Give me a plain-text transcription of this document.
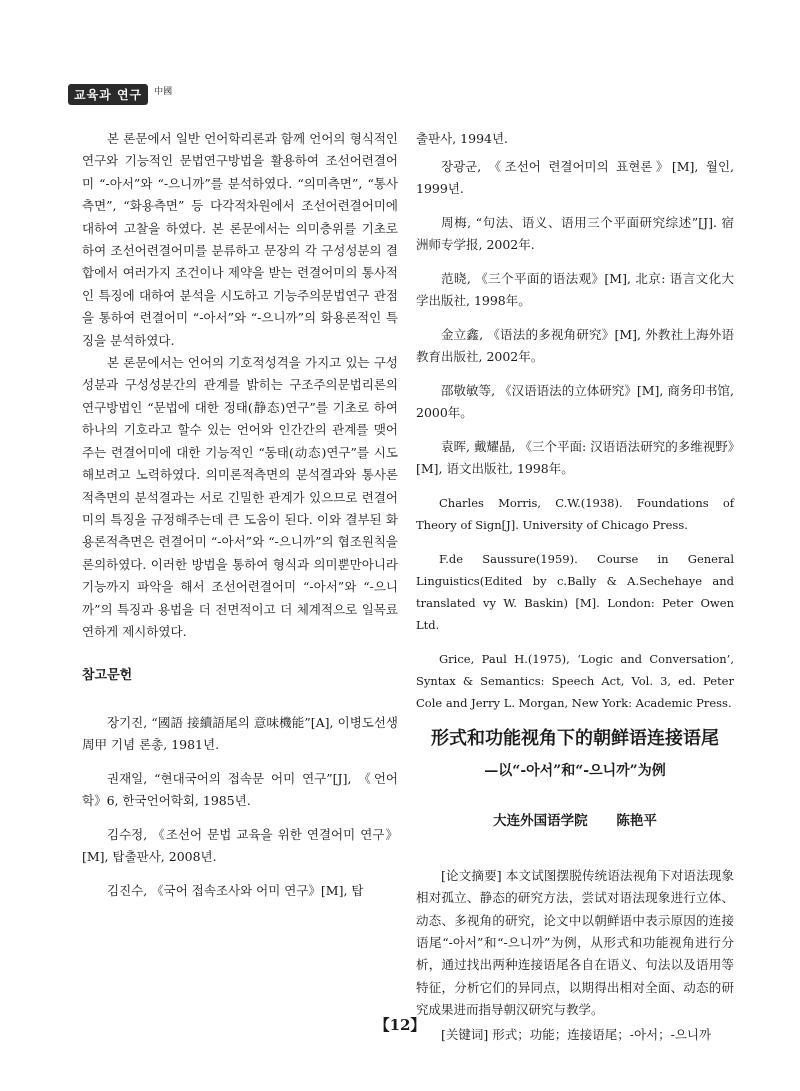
교육과 연구	中國

본 론문에서 일반 언어학리론과 함께 언어의 형식적인 연구와 기능적인 문법연구방법을 활용하여 조선어련결어미 “-아서”와 “-으니까”를 분석하였다. “의미측면”, “통사측면”, “화용측면” 등 다각적차원에서 조선어련결어미에 대하여 고찰을 하였다. 본 론문에서는 의미층위를 기초로 하여 조선어련결어미를 분류하고 문장의 각 구성성분의 결합에서 여러가지 조건이나 제약을 받는 련결어미의 통사적인 특징에 대하여 분석을 시도하고 기능주의문법연구 관점을 통하여 련결어미 “-아서”와 “-으니까”의 화용론적인 특징을 분석하였다.

본 론문에서는 언어의 기호적성격을 가지고 있는 구성성분과 구성성분간의 관계를 밝히는 구조주의문법리론의 연구방법인 “문법에 대한 정태(静态)연구”를 기초로 하여 하나의 기호라고 할수 있는 언어와 인간간의 관계를 맺어주는 련결어미에 대한 기능적인 “동태(动态)연구”를 시도해보려고 노력하였다. 의미론적측면의 분석결과와 통사론적측면의 분석결과는 서로 긴밀한 관계가 있으므로 련결어미의 특징을 규정해주는데 큰 도움이 된다. 이와 결부된 화용론적측면은 련결어미 “-아서”와 “-으니까”의 협조원칙을 론의하였다. 이러한 방법을 통하여 형식과 의미뿐만아니라 기능까지 파악을 해서 조선어련결어미 “-아서”와 “-으니까”의 특징과 용법을 더 전면적이고 더 체계적으로 일목료연하게 제시하였다.

참고문헌

장기진, “國語 接續語尾의 意味機能”[A], 이병도선생 周甲 기념 론총, 1981년.

권재일, “현대국어의 접속문 어미 연구”[J], 《언어학》6, 한국언어학회, 1985년.

김수정, 《조선어 문법 교육을 위한 연결어미 연구》[M], 탑출판사, 2008년.

김진수, 《국어 접속조사와 어미 연구》[M], 탑

출판사, 1994년.

장광군, 《조선어 련결어미의 표현론》[M], 월인, 1999년.

周梅, “句法、语义、语用三个平面研究综述”[J]. 宿洲师专学报, 2002年.

范晓, 《三个平面的语法观》[M], 北京: 语言文化大学出版社, 1998年。

金立鑫, 《语法的多视角研究》[M], 外教社上海外语教育出版社, 2002年。

邵敬敏等, 《汉语语法的立体研究》[M], 商务印书馆, 2000年。

袁晖, 戴耀晶, 《三个平面: 汉语语法研究的多维视野》[M], 语文出版社, 1998年。

Charles Morris, C.W.(1938). Foundations of Theory of Sign[J]. University of Chicago Press.

F.de Saussure(1959). Course in General Linguistics(Edited by c.Bally & A.Sechehaye and translated vy W. Baskin) [M]. London: Peter Owen Ltd.

Grice, Paul H.(1975), ‘Logic and Conversation’, Syntax & Semantics: Speech Act, Vol. 3, ed. Peter Cole and Jerry L. Morgan, New York: Academic Press.

形式和功能视角下的朝鲜语连接语尾
—以“-아서”和“-으니까”为例
大连外国语学院 陈艳平

[论文摘要] 本文试图摆脱传统语法视角下对语法现象相对孤立、静态的研究方法，尝试对语法现象进行立体、动态、多视角的研究，论文中以朝鲜语中表示原因的连接语尾“-아서”和“-으니까”为例，从形式和功能视角进行分析，通过找出两种连接语尾各自在语义、句法以及语用等特征，分析它们的异同点，以期得出相对全面、动态的研究成果进而指导朝汉研究与教学。

[关键词] 形式；功能；连接语尾；-아서；-으니까

【12】
